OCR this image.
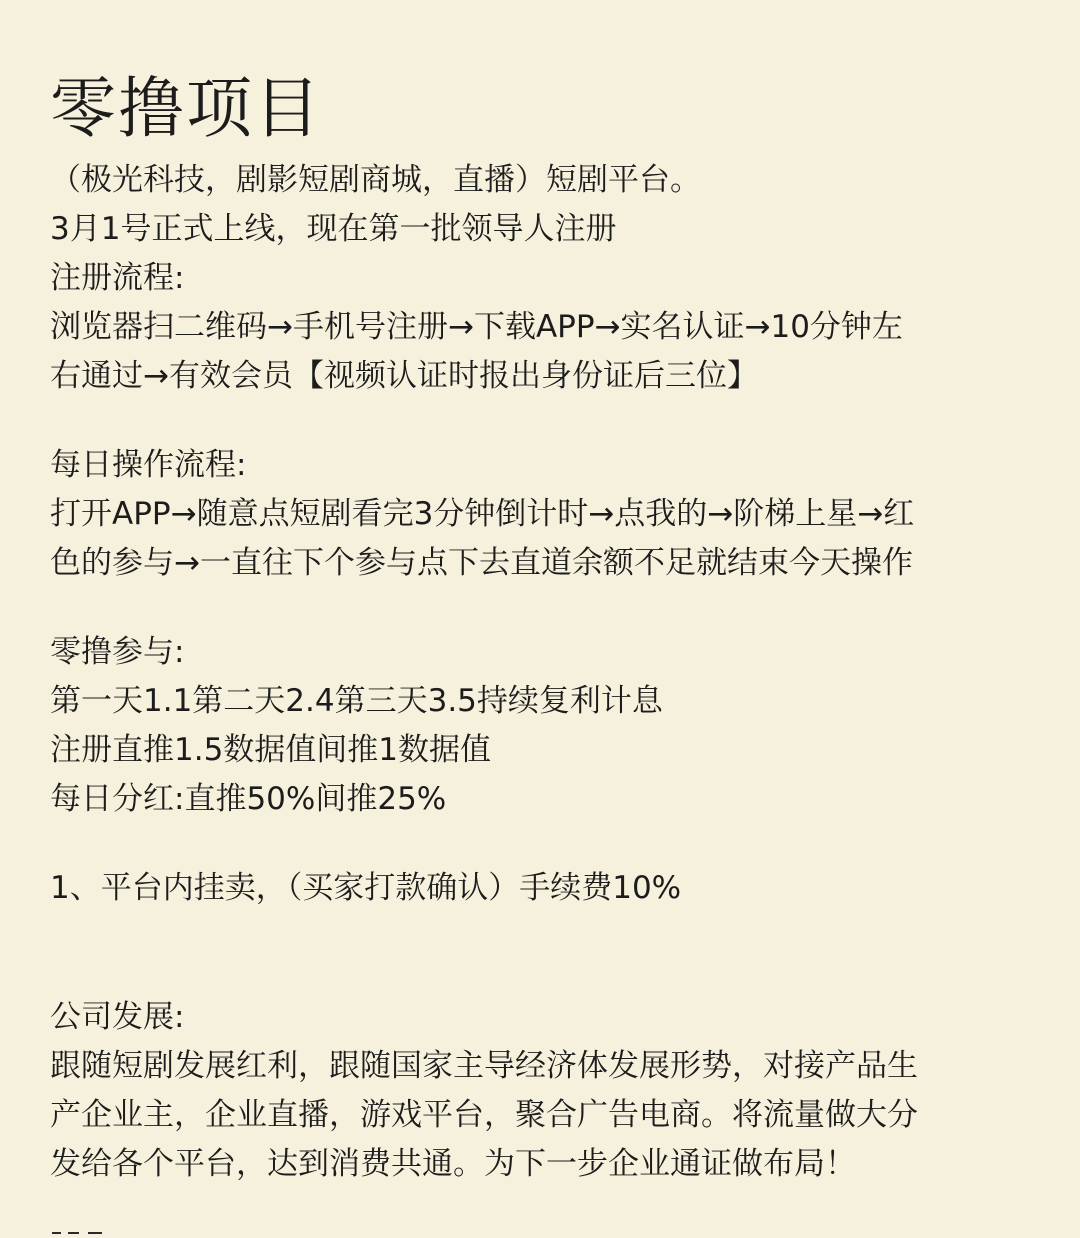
零撸项目
（极光科技，剧影短剧商城，直播）短剧平台。
3月1号正式上线，现在第一批领导人注册
注册流程:
浏览器扫二维码→手机号注册→下载APP→实名认证→10分钟左
右通过→有效会员【视频认证时报出身份证后三位】
每日操作流程:
打开APP→随意点短剧看完3分钟倒计时→点我的→阶梯上星→红
色的参与→一直往下个参与点下去直道余额不足就结束今天操作
零撸参与:
第一天1.1第二天2.4第三天3.5持续复利计息
注册直推1.5数据值间推1数据值
每日分红:直推50%间推25%
1、平台内挂卖，（买家打款确认）手续费10%
公司发展:
跟随短剧发展红利，跟随国家主导经济体发展形势，对接产品生
产企业主，企业直播，游戏平台，聚合广告电商。将流量做大分
发给各个平台，达到消费共通。为下一步企业通证做布局！
